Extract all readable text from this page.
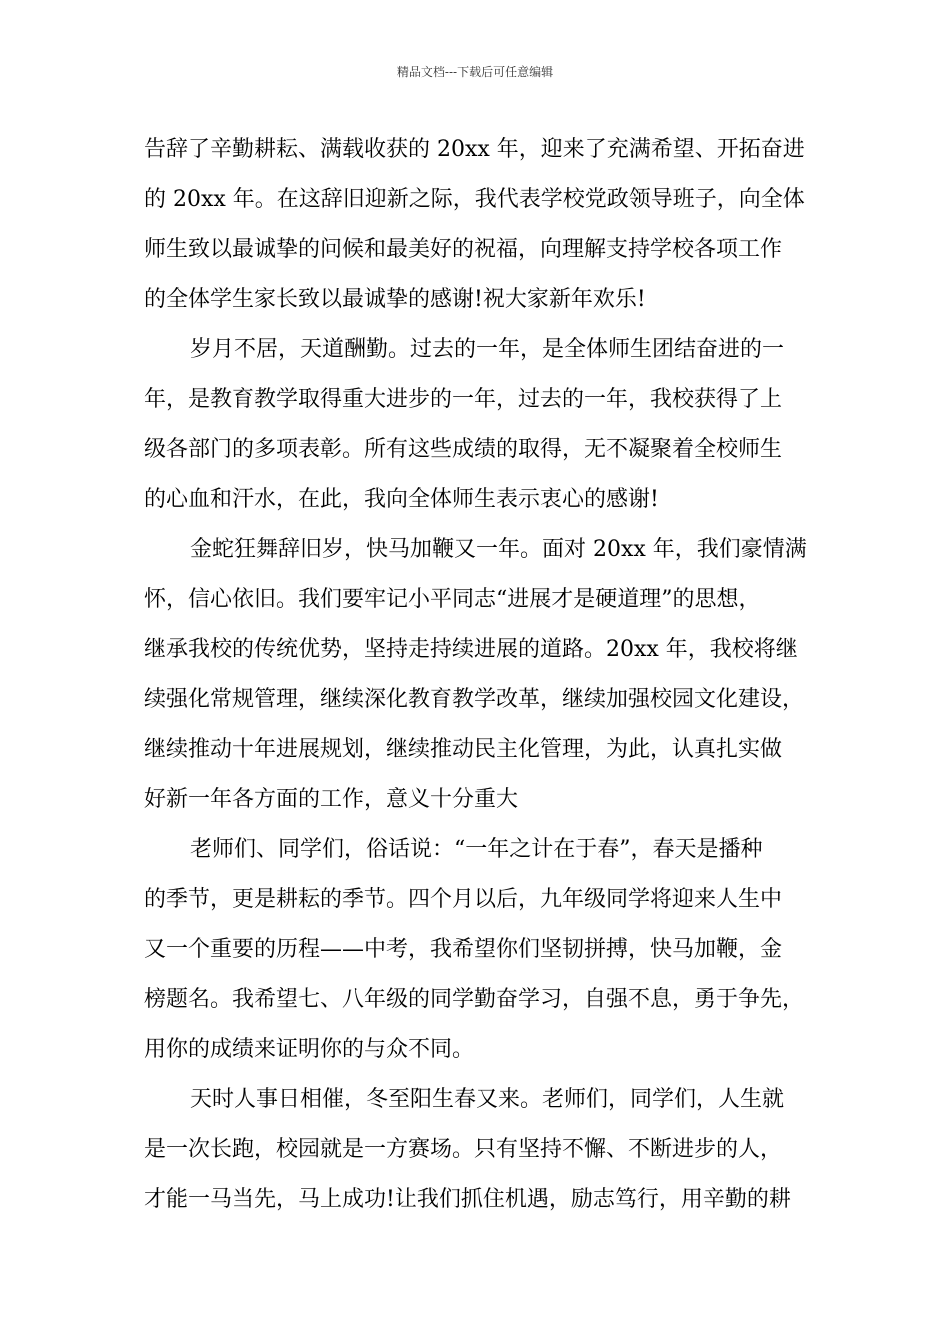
精品文档---下载后可任意编辑
告辞了辛勤耕耘、满载收获的 20xx 年，迎来了充满希望、开拓奋进
的 20xx 年。在这辞旧迎新之际，我代表学校党政领导班子，向全体
师生致以最诚挚的问候和最美好的祝福，向理解支持学校各项工作
的全体学生家长致以最诚挚的感谢!祝大家新年欢乐!
岁月不居，天道酬勤。过去的一年，是全体师生团结奋进的一
年，是教育教学取得重大进步的一年，过去的一年，我校获得了上
级各部门的多项表彰。所有这些成绩的取得，无不凝聚着全校师生
的心血和汗水，在此，我向全体师生表示衷心的感谢!
金蛇狂舞辞旧岁，快马加鞭又一年。面对 20xx 年，我们豪情满
怀，信心依旧。我们要牢记小平同志“进展才是硬道理”的思想，
继承我校的传统优势，坚持走持续进展的道路。20xx 年，我校将继
续强化常规管理，继续深化教育教学改革，继续加强校园文化建设，
继续推动十年进展规划，继续推动民主化管理，为此，认真扎实做
好新一年各方面的工作，意义十分重大
老师们、同学们，俗话说：“一年之计在于春”，春天是播种
的季节，更是耕耘的季节。四个月以后，九年级同学将迎来人生中
又一个重要的历程——中考，我希望你们坚韧拼搏，快马加鞭，金
榜题名。我希望七、八年级的同学勤奋学习，自强不息，勇于争先，
用你的成绩来证明你的与众不同。
天时人事日相催，冬至阳生春又来。老师们，同学们，人生就
是一次长跑，校园就是一方赛场。只有坚持不懈、不断进步的人，
才能一马当先，马上成功!让我们抓住机遇，励志笃行，用辛勤的耕
